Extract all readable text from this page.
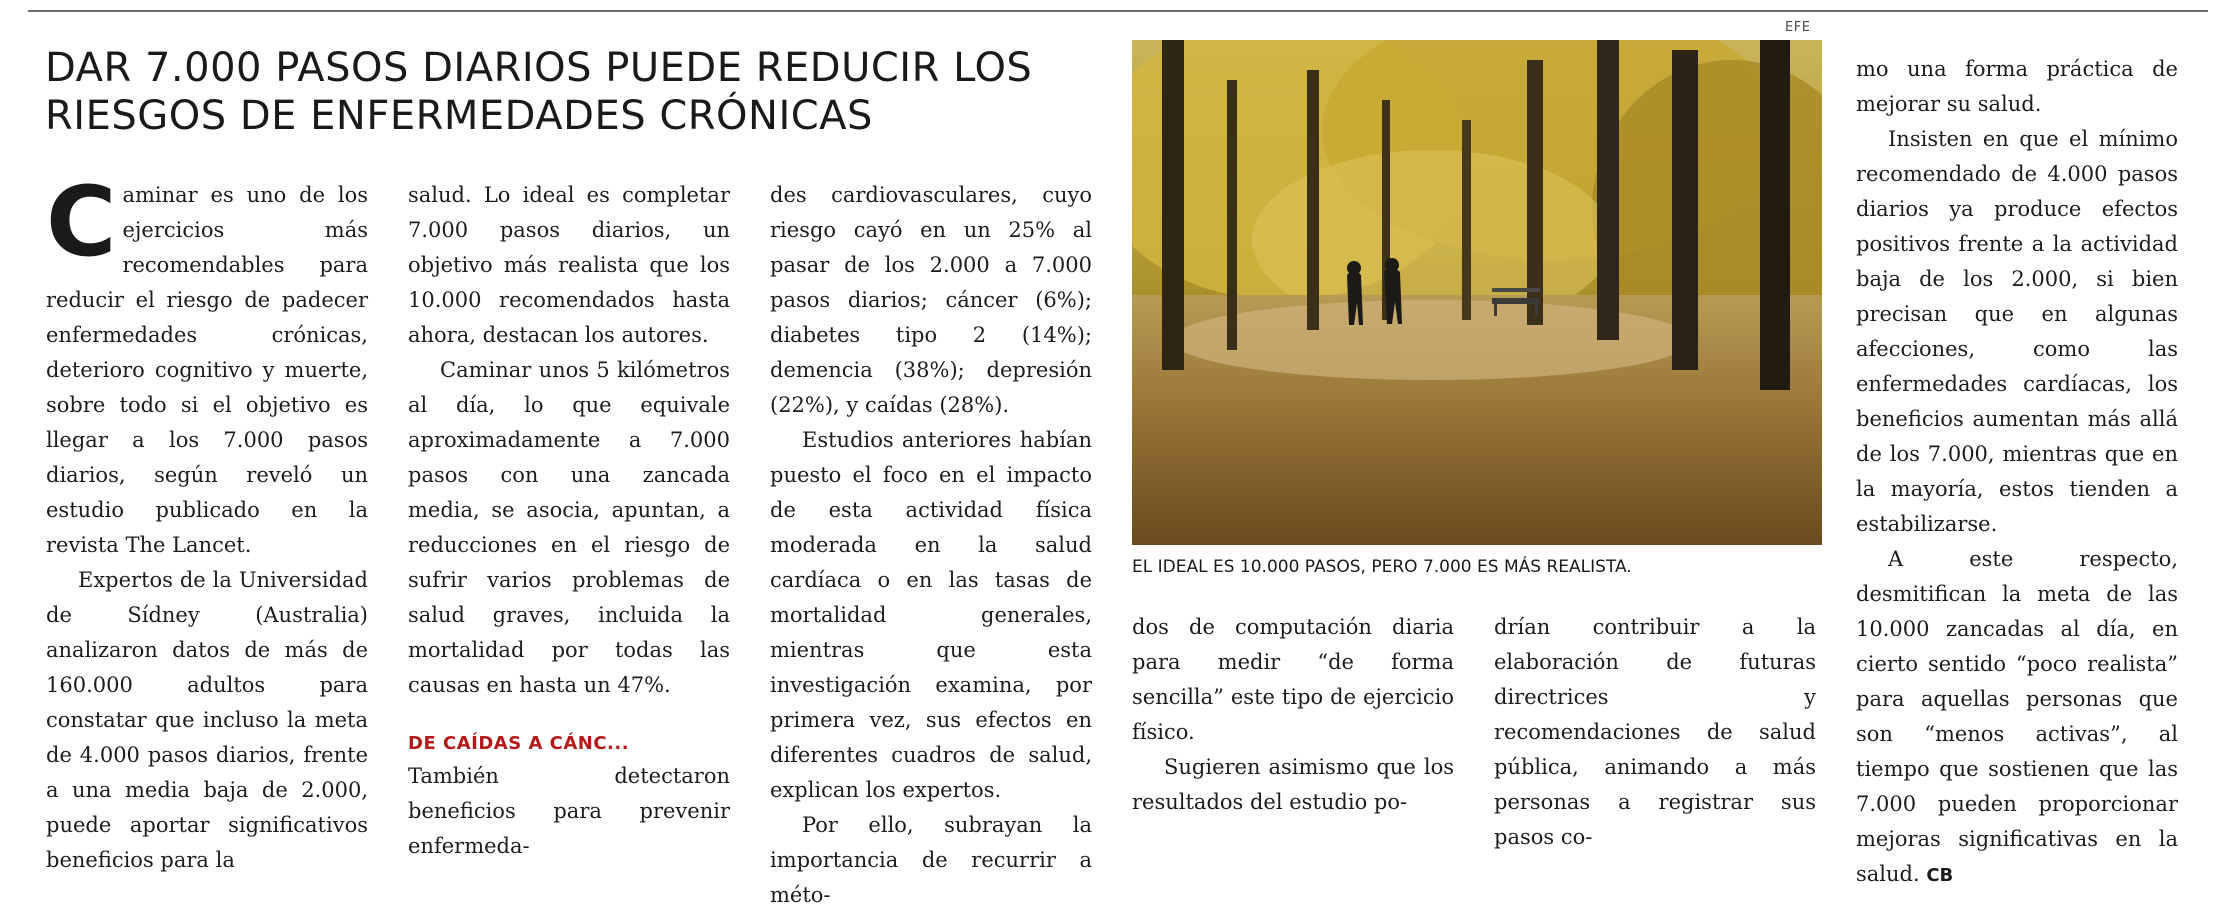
DAR 7.000 PASOS DIARIOS PUEDE REDUCIR LOS RIESGOS DE ENFERMEDADES CRÓNICAS

Caminar es uno de los ejercicios más recomendables para reducir el riesgo de padecer enfermedades crónicas, deterioro cognitivo y muerte, sobre todo si el objetivo es llegar a los 7.000 pasos diarios, según reveló un estudio publicado en la revista The Lancet.

Expertos de la Universidad de Sídney (Australia) analizaron datos de más de 160.000 adultos para constatar que incluso la meta de 4.000 pasos diarios, frente a una media baja de 2.000, puede aportar significativos beneficios para la

salud. Lo ideal es completar 7.000 pasos diarios, un objetivo más realista que los 10.000 recomendados hasta ahora, destacan los autores.

Caminar unos 5 kilómetros al día, lo que equivale aproximadamente a 7.000 pasos con una zancada media, se asocia, apuntan, a reducciones en el riesgo de sufrir varios problemas de salud graves, incluida la mortalidad por todas las causas en hasta un 47%.

DE CAÍDAS A CÁNC...

También detectaron beneficios para prevenir enfermeda-

des cardiovasculares, cuyo riesgo cayó en un 25% al pasar de los 2.000 a 7.000 pasos diarios; cáncer (6%); diabetes tipo 2 (14%); demencia (38%); depresión (22%), y caídas (28%).

Estudios anteriores habían puesto el foco en el impacto de esta actividad física moderada en la salud cardíaca o en las tasas de mortalidad generales, mientras que esta investigación examina, por primera vez, sus efectos en diferentes cuadros de salud, explican los expertos.

Por ello, subrayan la importancia de recurrir a méto-

EFE
EL IDEAL ES 10.000 PASOS, PERO 7.000 ES MÁS REALISTA.

dos de computación diaria para medir “de forma sencilla” este tipo de ejercicio físico.

Sugieren asimismo que los resultados del estudio po-

drían contribuir a la elaboración de futuras directrices y recomendaciones de salud pública, animando a más personas a registrar sus pasos co-

mo una forma práctica de mejorar su salud.

Insisten en que el mínimo recomendado de 4.000 pasos diarios ya produce efectos positivos frente a la actividad baja de los 2.000, si bien precisan que en algunas afecciones, como las enfermedades cardíacas, los beneficios aumentan más allá de los 7.000, mientras que en la mayoría, estos tienden a estabilizarse.

A este respecto, desmitifican la meta de las 10.000 zancadas al día, en cierto sentido “poco realista” para aquellas personas que son “menos activas”, al tiempo que sostienen que las 7.000 pueden proporcionar mejoras significativas en la salud. CB
